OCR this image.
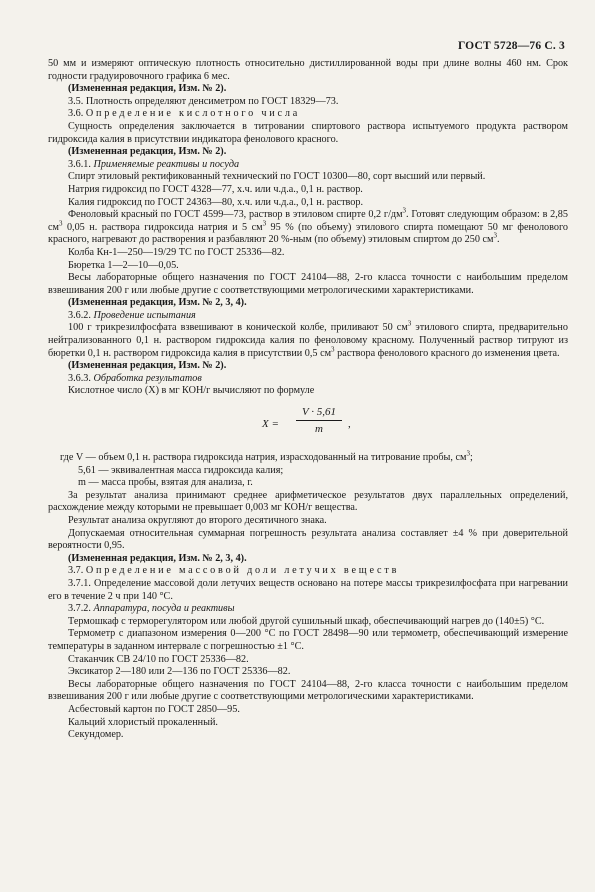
ГОСТ 5728—76 С. 3

50 мм и измеряют оптическую плотность относительно дистиллированной воды при длине волны 460 нм. Срок годности градуировочного графика 6 мес.

(Измененная редакция, Изм. № 2).

3.5. Плотность определяют денсиметром по ГОСТ 18329—73.

3.6. Определение кислотного числа

Сущность определения заключается в титровании спиртового раствора испытуемого продукта раствором гидроксида калия в присутствии индикатора фенолового красного.

(Измененная редакция, Изм. № 2).

3.6.1. Применяемые реактивы и посуда

Спирт этиловый ректификованный технический по ГОСТ 10300—80, сорт высший или первый.

Натрия гидроксид по ГОСТ 4328—77, х.ч. или ч.д.а., 0,1 н. раствор.

Калия гидроксид по ГОСТ 24363—80, х.ч. или ч.д.а., 0,1 н. раствор.

Феноловый красный по ГОСТ 4599—73, раствор в этиловом спирте 0,2 $г/дм^3$. Готовят следующим образом: в 2,85 $см^3$ 0,05 н. раствора гидроксида натрия и 5 $см^3$ 95 % (по объему) этилового спирта помещают 50 мг фенолового красного, нагревают до растворения и разбавляют 20 %-ным (по объему) этиловым спиртом до 250 $см^3$.

Колба Кн-1—250—19/29 ТС по ГОСТ 25336—82.

Бюретка 1—2—10—0,05.

Весы лабораторные общего назначения по ГОСТ 24104—88, 2-го класса точности с наибольшим пределом взвешивания 200 г или любые другие с соответствующими метрологическими характеристиками.

(Измененная редакция, Изм. № 2, 3, 4).

3.6.2. Проведение испытания

100 г трикрезилфосфата взвешивают в конической колбе, приливают 50 $см^3$ этилового спирта, предварительно нейтрализованного 0,1 н. раствором гидроксида калия по феноловому красному. Полученный раствор титруют из бюретки 0,1 н. раствором гидроксида калия в присутствии 0,5 $см^3$ раствора фенолового красного до изменения цвета.

(Измененная редакция, Изм. № 2).

3.6.3. Обработка результатов

Кислотное число (X) в мг КОН/г вычисляют по формуле

$X = \frac{V \cdot 5,61}{m}$ ,

где V — объем 0,1 н. раствора гидроксида натрия, израсходованный на титрование пробы, $см^3$;

5,61 — эквивалентная масса гидроксида калия;

m — масса пробы, взятая для анализа, г.

За результат анализа принимают среднее арифметическое результатов двух параллельных определений, расхождение между которыми не превышает 0,003 мг КОН/г вещества.

Результат анализа округляют до второго десятичного знака.

Допускаемая относительная суммарная погрешность результата анализа составляет ±4 % при доверительной вероятности 0,95.

(Измененная редакция, Изм. № 2, 3, 4).

3.7. Определение массовой доли летучих веществ

3.7.1. Определение массовой доли летучих веществ основано на потере массы трикрезилфосфата при нагревании его в течение 2 ч при 140 °С.

3.7.2. Аппаратура, посуда и реактивы

Термошкаф с терморегулятором или любой другой сушильный шкаф, обеспечивающий нагрев до (140±5) °С.

Термометр с диапазоном измерения 0—200 °С по ГОСТ 28498—90 или термометр, обеспечивающий измерение температуры в заданном интервале с погрешностью ±1 °С.

Стаканчик СВ 24/10 по ГОСТ 25336—82.

Эксикатор 2—180 или 2—136 по ГОСТ 25336—82.

Весы лабораторные общего назначения по ГОСТ 24104—88, 2-го класса точности с наибольшим пределом взвешивания 200 г или любые другие с соответствующими метрологическими характеристиками.

Асбестовый картон по ГОСТ 2850—95.

Кальций хлористый прокаленный.

Секундомер.
